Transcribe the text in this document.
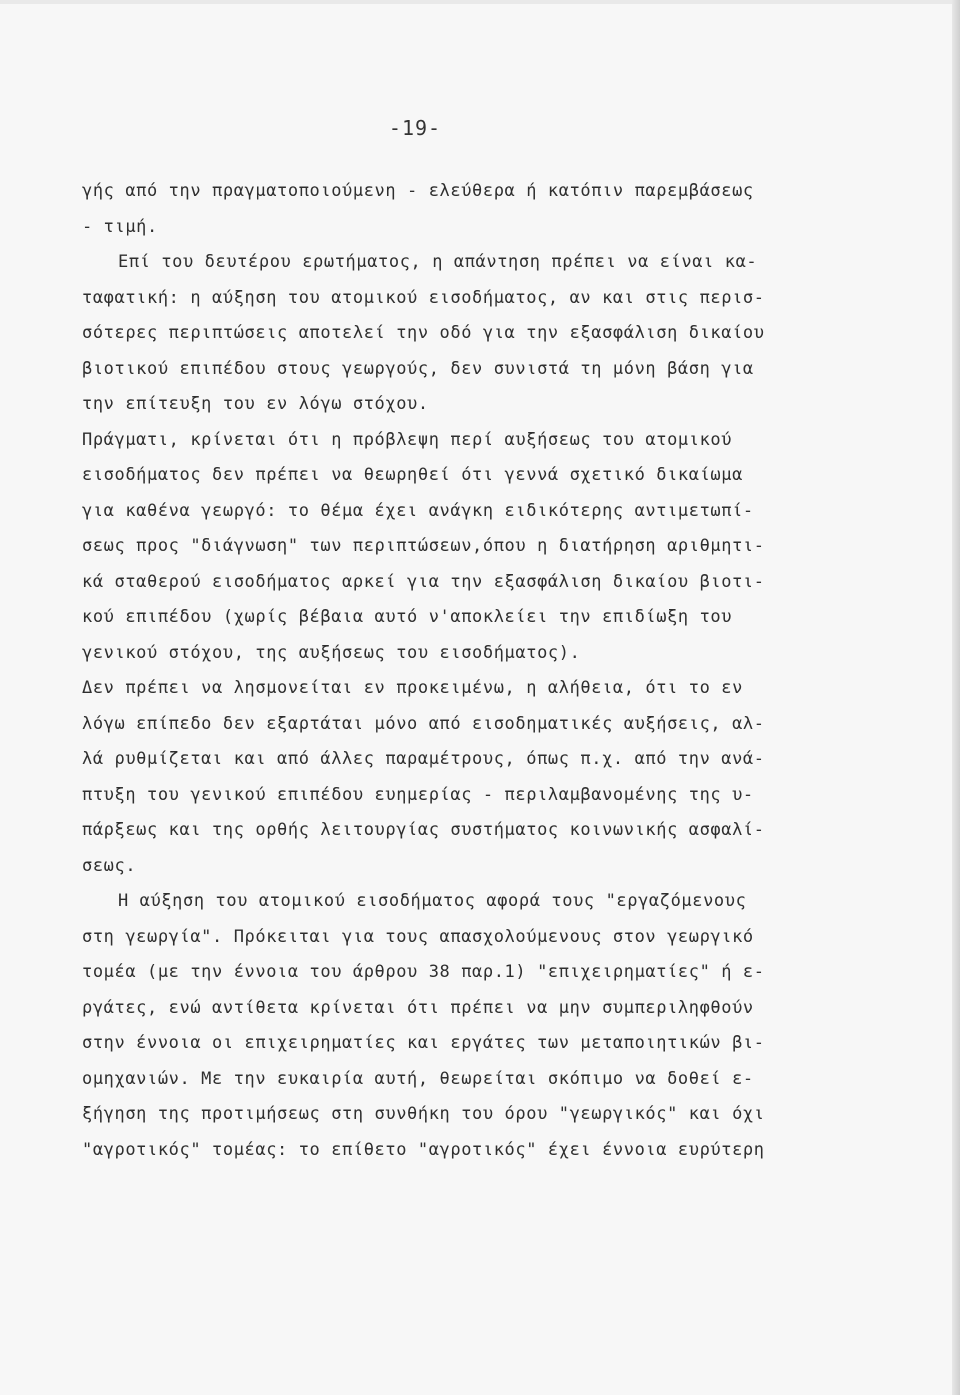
-19-
γής από την πραγματοποιούμενη - ελεύθερα ή κατόπιν παρεμβάσεως
- τιμή.
Επί του δευτέρου ερωτήματος, η απάντηση πρέπει να είναι κα-
ταφατική: η αύξηση του ατομικού εισοδήματος, αν και στις περισ-
σότερες περιπτώσεις αποτελεί την οδό για την εξασφάλιση δικαίου
βιοτικού επιπέδου στους γεωργούς, δεν συνιστά τη μόνη βάση για
την επίτευξη του εν λόγω στόχου.
Πράγματι, κρίνεται ότι η πρόβλεψη περί αυξήσεως του ατομικού
εισοδήματος δεν πρέπει να θεωρηθεί ότι γεννά σχετικό δικαίωμα
για καθένα γεωργό: το θέμα έχει ανάγκη ειδικότερης αντιμετωπί-
σεως προς "διάγνωση" των περιπτώσεων,όπου η διατήρηση αριθμητι-
κά σταθερού εισοδήματος αρκεί για την εξασφάλιση δικαίου βιοτι-
κού επιπέδου (χωρίς βέβαια αυτό ν'αποκλείει την επιδίωξη του
γενικού στόχου, της αυξήσεως του εισοδήματος).
Δεν πρέπει να λησμονείται εν προκειμένω, η αλήθεια, ότι το εν
λόγω επίπεδο δεν εξαρτάται μόνο από εισοδηματικές αυξήσεις, αλ-
λά ρυθμίζεται και από άλλες παραμέτρους, όπως π.χ. από την ανά-
πτυξη του γενικού επιπέδου ευημερίας - περιλαμβανομένης της υ-
πάρξεως και της ορθής λειτουργίας συστήματος κοινωνικής ασφαλί-
σεως.
Η αύξηση του ατομικού εισοδήματος αφορά τους "εργαζόμενους
στη γεωργία". Πρόκειται για τους απασχολούμενους στον γεωργικό
τομέα (με την έννοια του άρθρου 38 παρ.1) "επιχειρηματίες" ή ε-
ργάτες, ενώ αντίθετα κρίνεται ότι πρέπει να μην συμπεριληφθούν
στην έννοια οι επιχειρηματίες και εργάτες των μεταποιητικών βι-
ομηχανιών. Με την ευκαιρία αυτή, θεωρείται σκόπιμο να δοθεί ε-
ξήγηση της προτιμήσεως στη συνθήκη του όρου "γεωργικός" και όχι
"αγροτικός" τομέας: το επίθετο "αγροτικός" έχει έννοια ευρύτερη
